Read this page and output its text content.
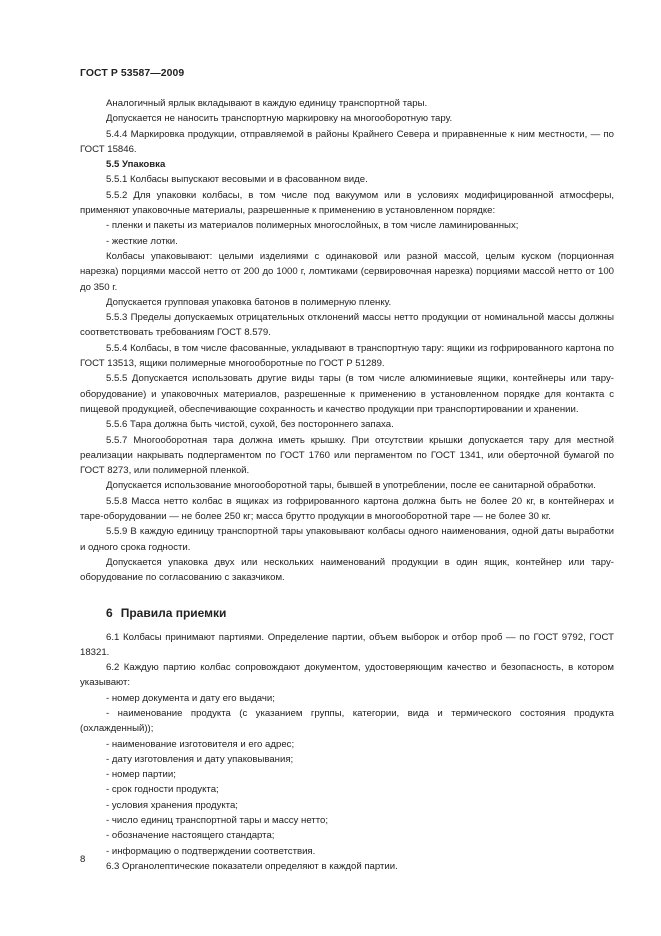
ГОСТ Р 53587—2009

Аналогичный ярлык вкладывают в каждую единицу транспортной тары.

Допускается не наносить транспортную маркировку на многооборотную тару.

5.4.4 Маркировка продукции, отправляемой в районы Крайнего Севера и приравненные к ним местности, — по ГОСТ 15846.

5.5 Упаковка

5.5.1 Колбасы выпускают весовыми и в фасованном виде.

5.5.2 Для упаковки колбасы, в том числе под вакуумом или в условиях модифицированной атмосферы, применяют упаковочные материалы, разрешенные к применению в установленном порядке:

- пленки и пакеты из материалов полимерных многослойных, в том числе ламинированных;

- жесткие лотки.

Колбасы упаковывают: целыми изделиями с одинаковой или разной массой, целым куском (порционная нарезка) порциями массой нетто от 200 до 1000 г, ломтиками (сервировочная нарезка) порциями массой нетто от 100 до 350 г.

Допускается групповая упаковка батонов в полимерную пленку.

5.5.3 Пределы допускаемых отрицательных отклонений массы нетто продукции от номинальной массы должны соответствовать требованиям ГОСТ 8.579.

5.5.4 Колбасы, в том числе фасованные, укладывают в транспортную тару: ящики из гофрированного картона по ГОСТ 13513, ящики полимерные многооборотные по ГОСТ Р 51289.

5.5.5 Допускается использовать другие виды тары (в том числе алюминиевые ящики, контейнеры или тару-оборудование) и упаковочных материалов, разрешенные к применению в установленном порядке для контакта с пищевой продукцией, обеспечивающие сохранность и качество продукции при транспортировании и хранении.

5.5.6 Тара должна быть чистой, сухой, без постороннего запаха.

5.5.7 Многооборотная тара должна иметь крышку. При отсутствии крышки допускается тару для местной реализации накрывать подпергаментом по ГОСТ 1760 или пергаментом по ГОСТ 1341, или оберточной бумагой по ГОСТ 8273, или полимерной пленкой.

Допускается использование многооборотной тары, бывшей в употреблении, после ее санитарной обработки.

5.5.8 Масса нетто колбас в ящиках из гофрированного картона должна быть не более 20 кг, в контейнерах и таре-оборудовании — не более 250 кг; масса брутто продукции в многооборотной таре — не более 30 кг.

5.5.9 В каждую единицу транспортной тары упаковывают колбасы одного наименования, одной даты выработки и одного срока годности.

Допускается упаковка двух или нескольких наименований продукции в один ящик, контейнер или тару-оборудование по согласованию с заказчиком.

6 Правила приемки

6.1 Колбасы принимают партиями. Определение партии, объем выборок и отбор проб — по ГОСТ 9792, ГОСТ 18321.

6.2 Каждую партию колбас сопровождают документом, удостоверяющим качество и безопасность, в котором указывают:

- номер документа и дату его выдачи;

- наименование продукта (с указанием группы, категории, вида и термического состояния продукта (охлажденный));

- наименование изготовителя и его адрес;

- дату изготовления и дату упаковывания;

- номер партии;

- срок годности продукта;

- условия хранения продукта;

- число единиц транспортной тары и массу нетто;

- обозначение настоящего стандарта;

- информацию о подтверждении соответствия.

6.3 Органолептические показатели определяют в каждой партии.

8
